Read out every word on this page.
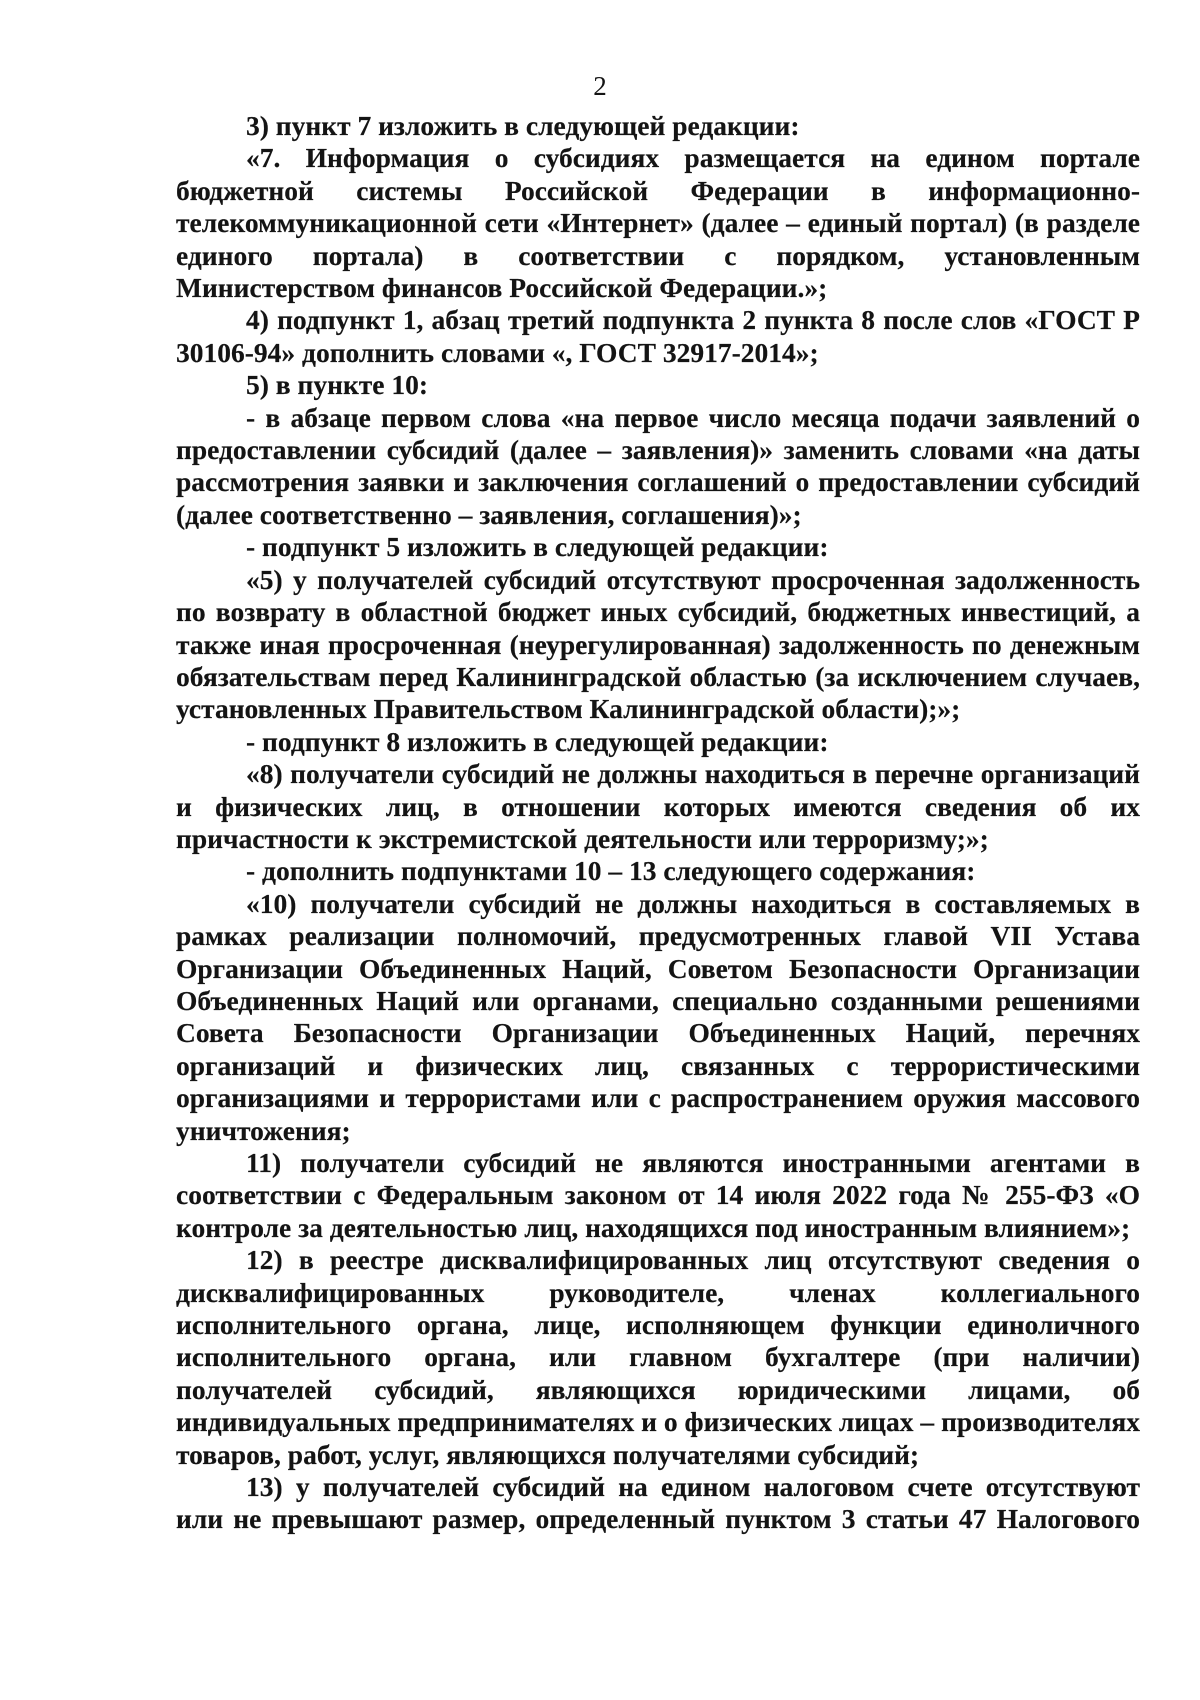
2

3) пункт 7 изложить в следующей редакции:

«7. Информация о субсидиях размещается на едином портале бюджетной системы Российской Федерации в информационно-телекоммуникационной сети «Интернет» (далее – единый портал) (в разделе единого портала) в соответствии с порядком, установленным Министерством финансов Российской Федерации.»;

4) подпункт 1, абзац третий подпункта 2 пункта 8 после слов «ГОСТ Р 30106-94» дополнить словами «, ГОСТ 32917-2014»;

5) в пункте 10:

- в абзаце первом слова «на первое число месяца подачи заявлений о предоставлении субсидий (далее – заявления)» заменить словами «на даты рассмотрения заявки и заключения соглашений о предоставлении субсидий (далее соответственно – заявления, соглашения)»;

- подпункт 5 изложить в следующей редакции:

«5) у получателей субсидий отсутствуют просроченная задолженность по возврату в областной бюджет иных субсидий, бюджетных инвестиций, а также иная просроченная (неурегулированная) задолженность по денежным обязательствам перед Калининградской областью (за исключением случаев, установленных Правительством Калининградской области);»;

- подпункт 8 изложить в следующей редакции:

«8) получатели субсидий не должны находиться в перечне организаций и физических лиц, в отношении которых имеются сведения об их причастности к экстремистской деятельности или терроризму;»;

- дополнить подпунктами 10 – 13 следующего содержания:

«10) получатели субсидий не должны находиться в составляемых в рамках реализации полномочий, предусмотренных главой VII Устава Организации Объединенных Наций, Советом Безопасности Организации Объединенных Наций или органами, специально созданными решениями Совета Безопасности Организации Объединенных Наций, перечнях организаций и физических лиц, связанных с террористическими организациями и террористами или с распространением оружия массового уничтожения;

11) получатели субсидий не являются иностранными агентами в соответствии с Федеральным законом от 14 июля 2022 года № 255-ФЗ «О контроле за деятельностью лиц, находящихся под иностранным влиянием»;

12) в реестре дисквалифицированных лиц отсутствуют сведения о дисквалифицированных руководителе, членах коллегиального исполнительного органа, лице, исполняющем функции единоличного исполнительного органа, или главном бухгалтере (при наличии) получателей субсидий, являющихся юридическими лицами, об индивидуальных предпринимателях и о физических лицах – производителях товаров, работ, услуг, являющихся получателями субсидий;

13) у получателей субсидий на едином налоговом счете отсутствуют или не превышают размер, определенный пунктом 3 статьи 47 Налогового
